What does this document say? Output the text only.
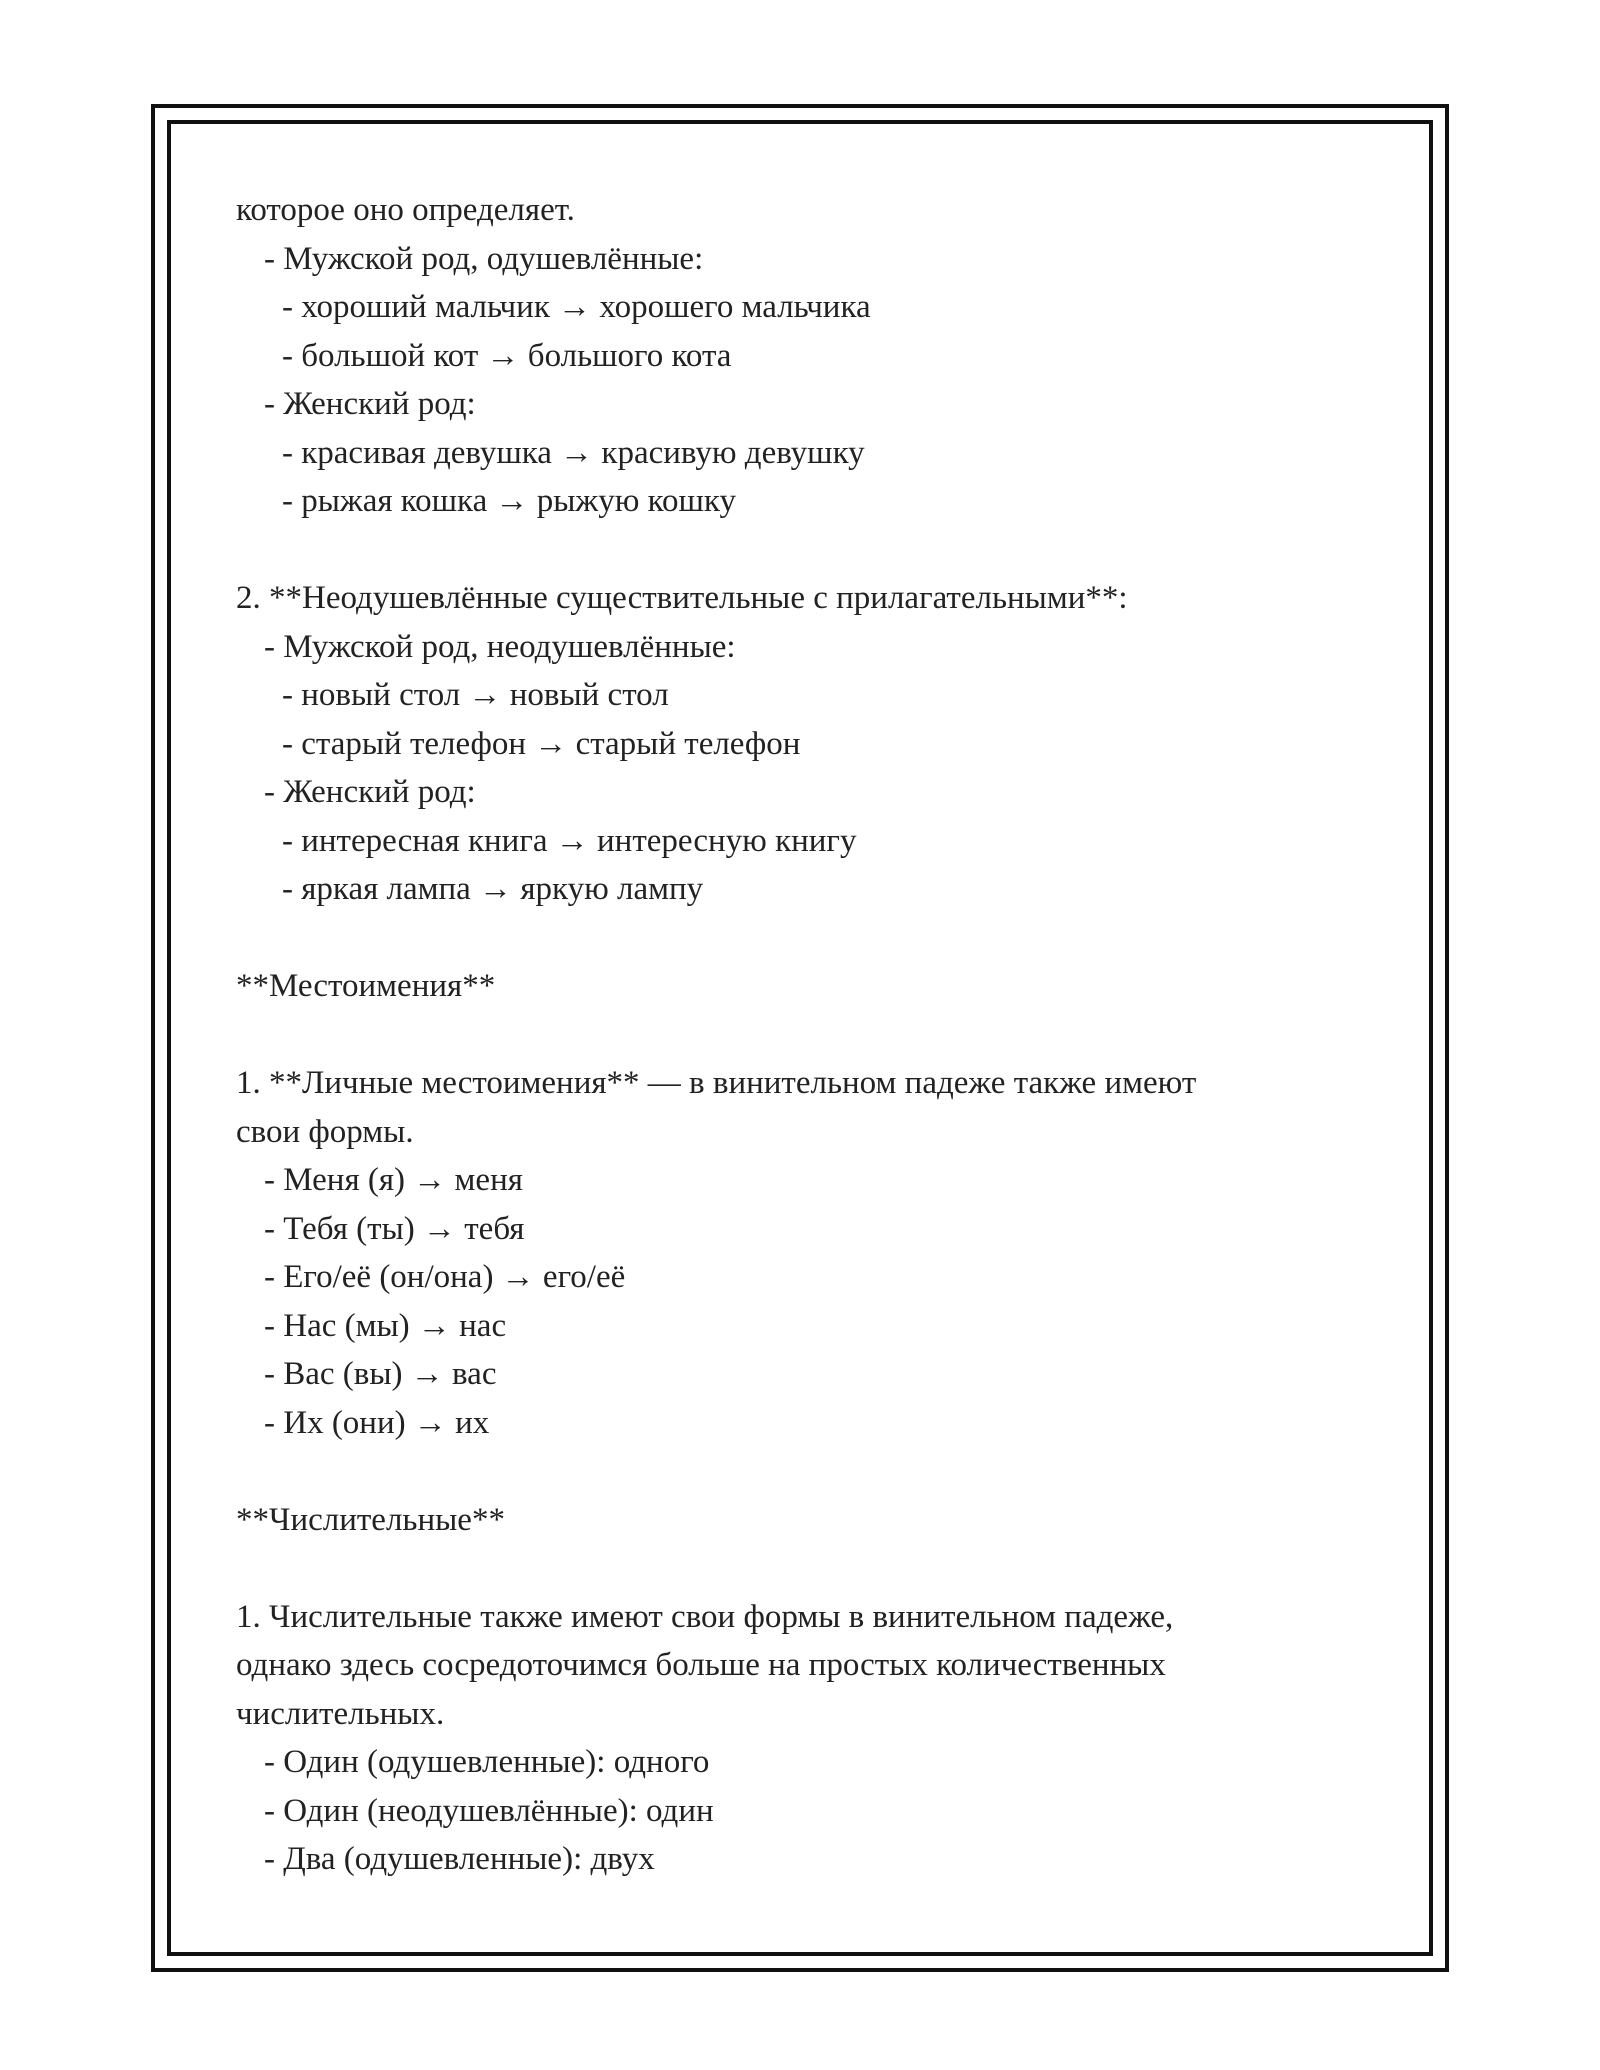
которое оно определяет.
- Мужской род, одушевлённые:
- хороший мальчик → хорошего мальчика
- большой кот → большого кота
- Женский род:
- красивая девушка → красивую девушку
- рыжая кошка → рыжую кошку
2. **Неодушевлённые существительные с прилагательными**:
- Мужской род, неодушевлённые:
- новый стол → новый стол
- старый телефон → старый телефон
- Женский род:
- интересная книга → интересную книгу
- яркая лампа → яркую лампу
**Местоимения**
1. **Личные местоимения** — в винительном падеже также имеют
свои формы.
- Меня (я) → меня
- Тебя (ты) → тебя
- Его/её (он/она) → его/её
- Нас (мы) → нас
- Вас (вы) → вас
- Их (они) → их
**Числительные**
1. Числительные также имеют свои формы в винительном падеже,
однако здесь сосредоточимся больше на простых количественных
числительных.
- Один (одушевленные): одного
- Один (неодушевлённые): один
- Два (одушевленные): двух
